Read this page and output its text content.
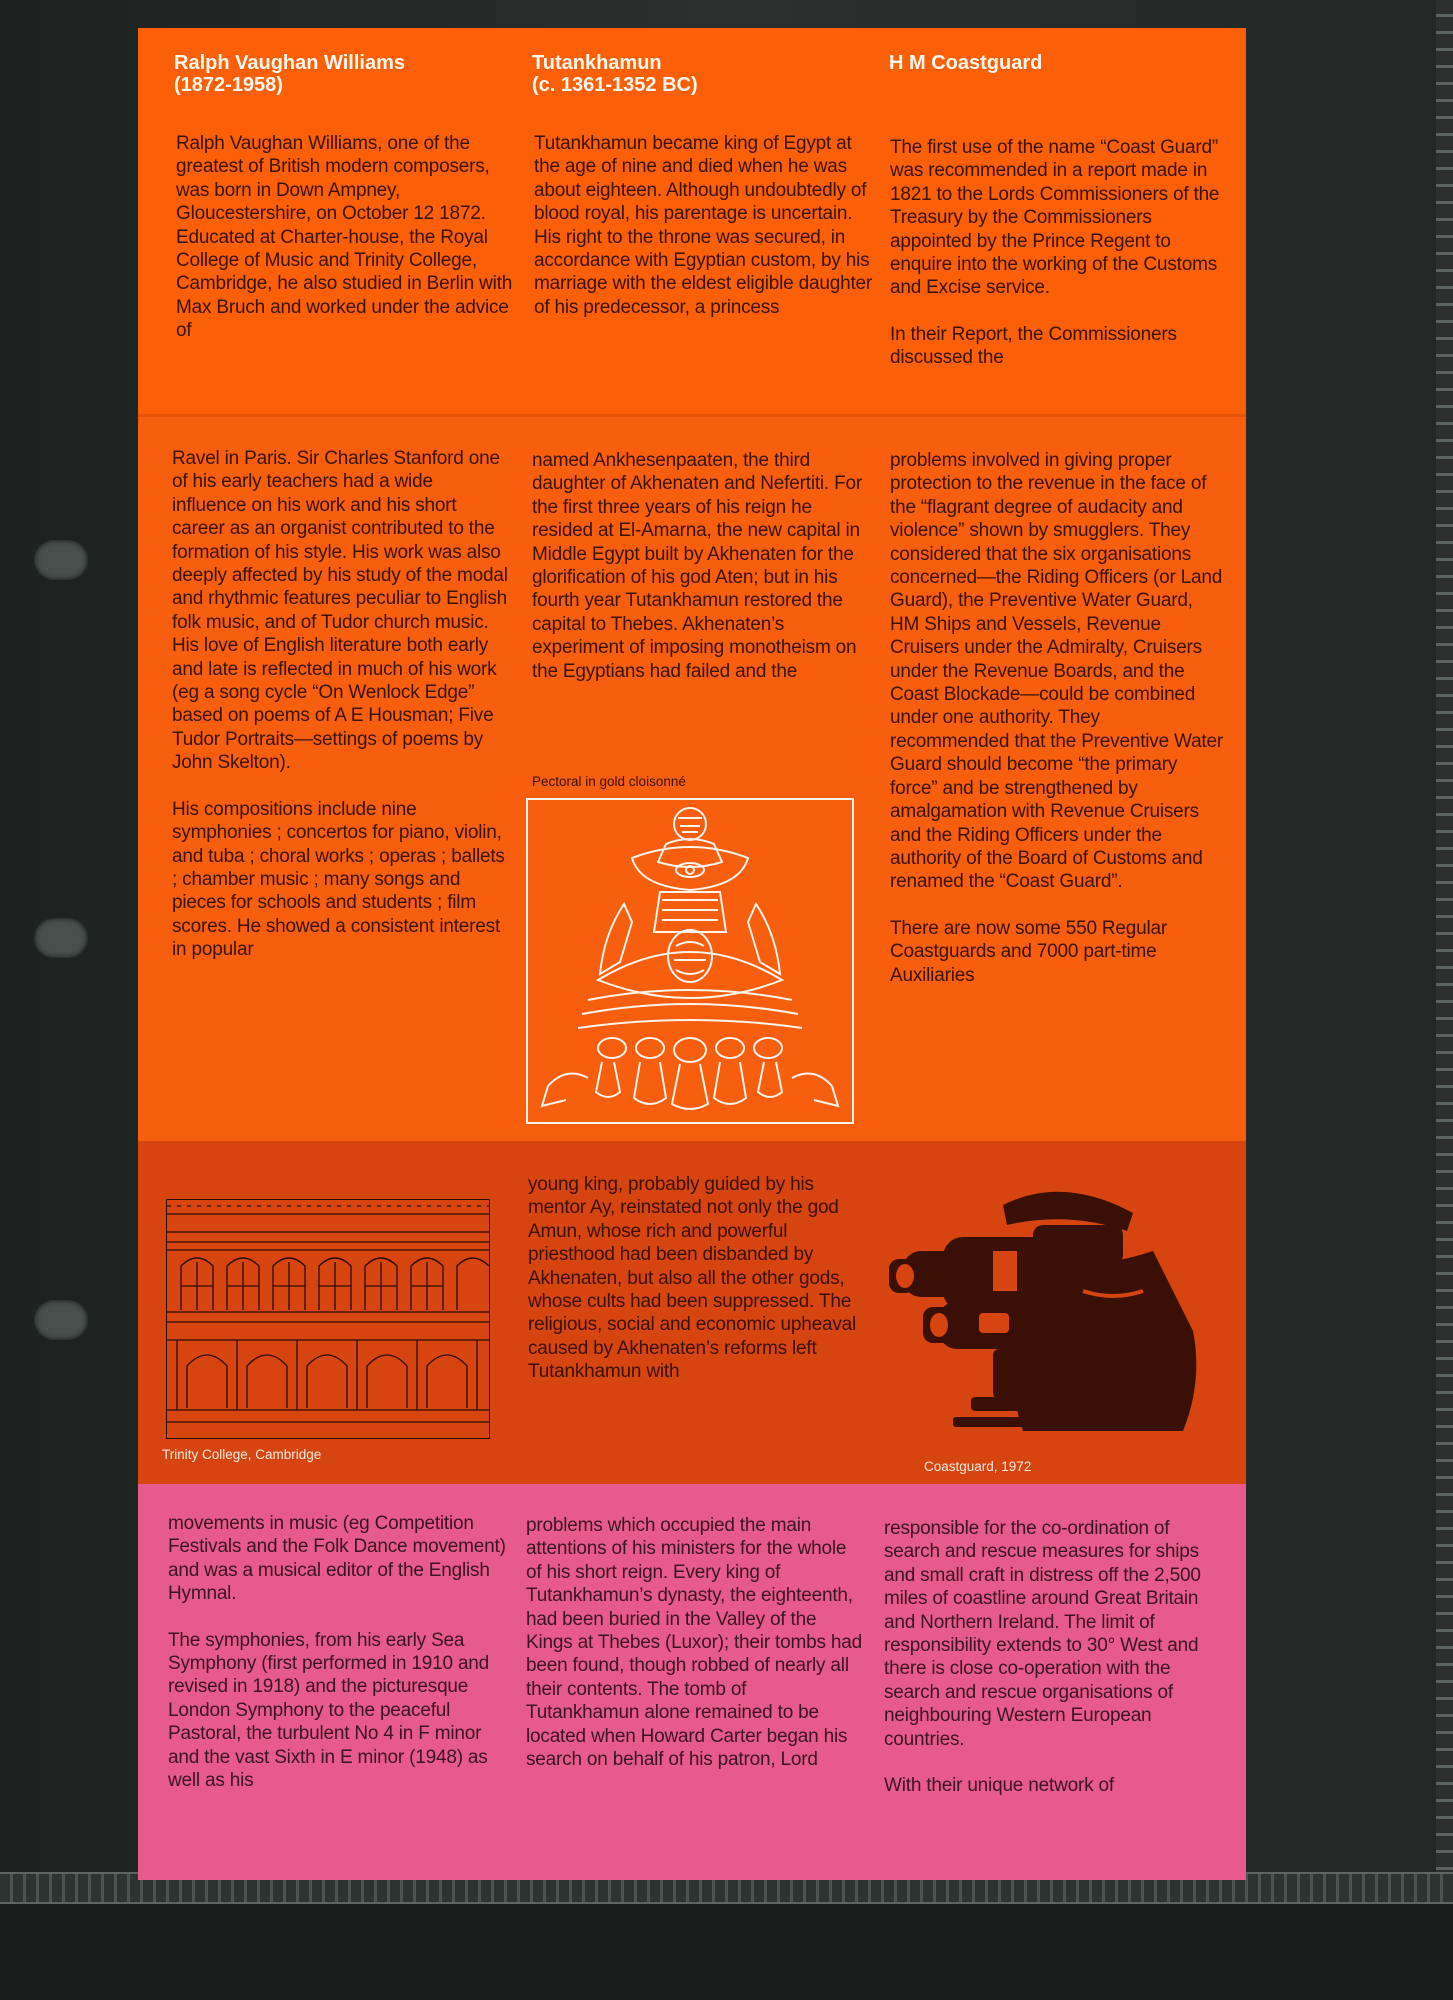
Ralph Vaughan Williams
(1872-1958)
Tutankhamun
(c. 1361-1352 BC)
H M Coastguard

Ralph Vaughan Williams, one of the greatest of British modern composers, was born in Down Ampney, Gloucestershire, on October 12 1872. Educated at Charter-house, the Royal College of Music and Trinity College, Cambridge, he also studied in Berlin with Max Bruch and worked under the advice of

Tutankhamun became king of Egypt at the age of nine and died when he was about eighteen. Although undoubtedly of blood royal, his parentage is uncertain. His right to the throne was secured, in accordance with Egyptian custom, by his marriage with the eldest eligible daughter of his predecessor, a princess

The first use of the name “Coast Guard” was recommended in a report made in 1821 to the Lords Commissioners of the Treasury by the Commissioners appointed by the Prince Regent to enquire into the working of the Customs and Excise service.

In their Report, the Commissioners discussed the

Ravel in Paris. Sir Charles Stanford one of his early teachers had a wide influence on his work and his short career as an organist contributed to the formation of his style. His work was also deeply affected by his study of the modal and rhythmic features peculiar to English folk music, and of Tudor church music. His love of English literature both early and late is reflected in much of his work (eg a song cycle “On Wenlock Edge” based on poems of A E Housman; Five Tudor Portraits—settings of poems by John Skelton).

His compositions include nine symphonies ; concertos for piano, violin, and tuba ; choral works ; operas ; ballets ; chamber music ; many songs and pieces for schools and students ; film scores. He showed a consistent interest in popular

named Ankhesenpaaten, the third daughter of Akhenaten and Nefertiti. For the first three years of his reign he resided at El-Amarna, the new capital in Middle Egypt built by Akhenaten for the glorification of his god Aten; but in his fourth year Tutankhamun restored the capital to Thebes. Akhenaten’s experiment of imposing monotheism on the Egyptians had failed and the

Pectoral in gold cloisonné

problems involved in giving proper protection to the revenue in the face of the “flagrant degree of audacity and violence” shown by smugglers. They considered that the six organisations concerned—the Riding Officers (or Land Guard), the Preventive Water Guard, HM Ships and Vessels, Revenue Cruisers under the Admiralty, Cruisers under the Revenue Boards, and the Coast Blockade—could be combined under one authority. They recommended that the Preventive Water Guard should become “the primary force” and be strengthened by amalgamation with Revenue Cruisers and the Riding Officers under the authority of the Board of Customs and renamed the “Coast Guard”.

There are now some 550 Regular Coastguards and 7000 part-time Auxiliaries

Trinity College, Cambridge

young king, probably guided by his mentor Ay, reinstated not only the god Amun, whose rich and powerful priesthood had been disbanded by Akhenaten, but also all the other gods, whose cults had been suppressed. The religious, social and economic upheaval caused by Akhenaten’s reforms left Tutankhamun with

Coastguard, 1972

movements in music (eg Competition Festivals and the Folk Dance movement) and was a musical editor of the English Hymnal.

The symphonies, from his early Sea Symphony (first performed in 1910 and revised in 1918) and the picturesque London Symphony to the peaceful Pastoral, the turbulent No 4 in F minor and the vast Sixth in E minor (1948) as well as his

problems which occupied the main attentions of his ministers for the whole of his short reign. Every king of Tutankhamun’s dynasty, the eighteenth, had been buried in the Valley of the Kings at Thebes (Luxor); their tombs had been found, though robbed of nearly all their contents. The tomb of Tutankhamun alone remained to be located when Howard Carter began his search on behalf of his patron, Lord

responsible for the co-ordination of search and rescue measures for ships and small craft in distress off the 2,500 miles of coastline around Great Britain and Northern Ireland. The limit of responsibility extends to 30° West and there is close co-operation with the search and rescue organisations of neighbouring Western European countries.

With their unique network of
